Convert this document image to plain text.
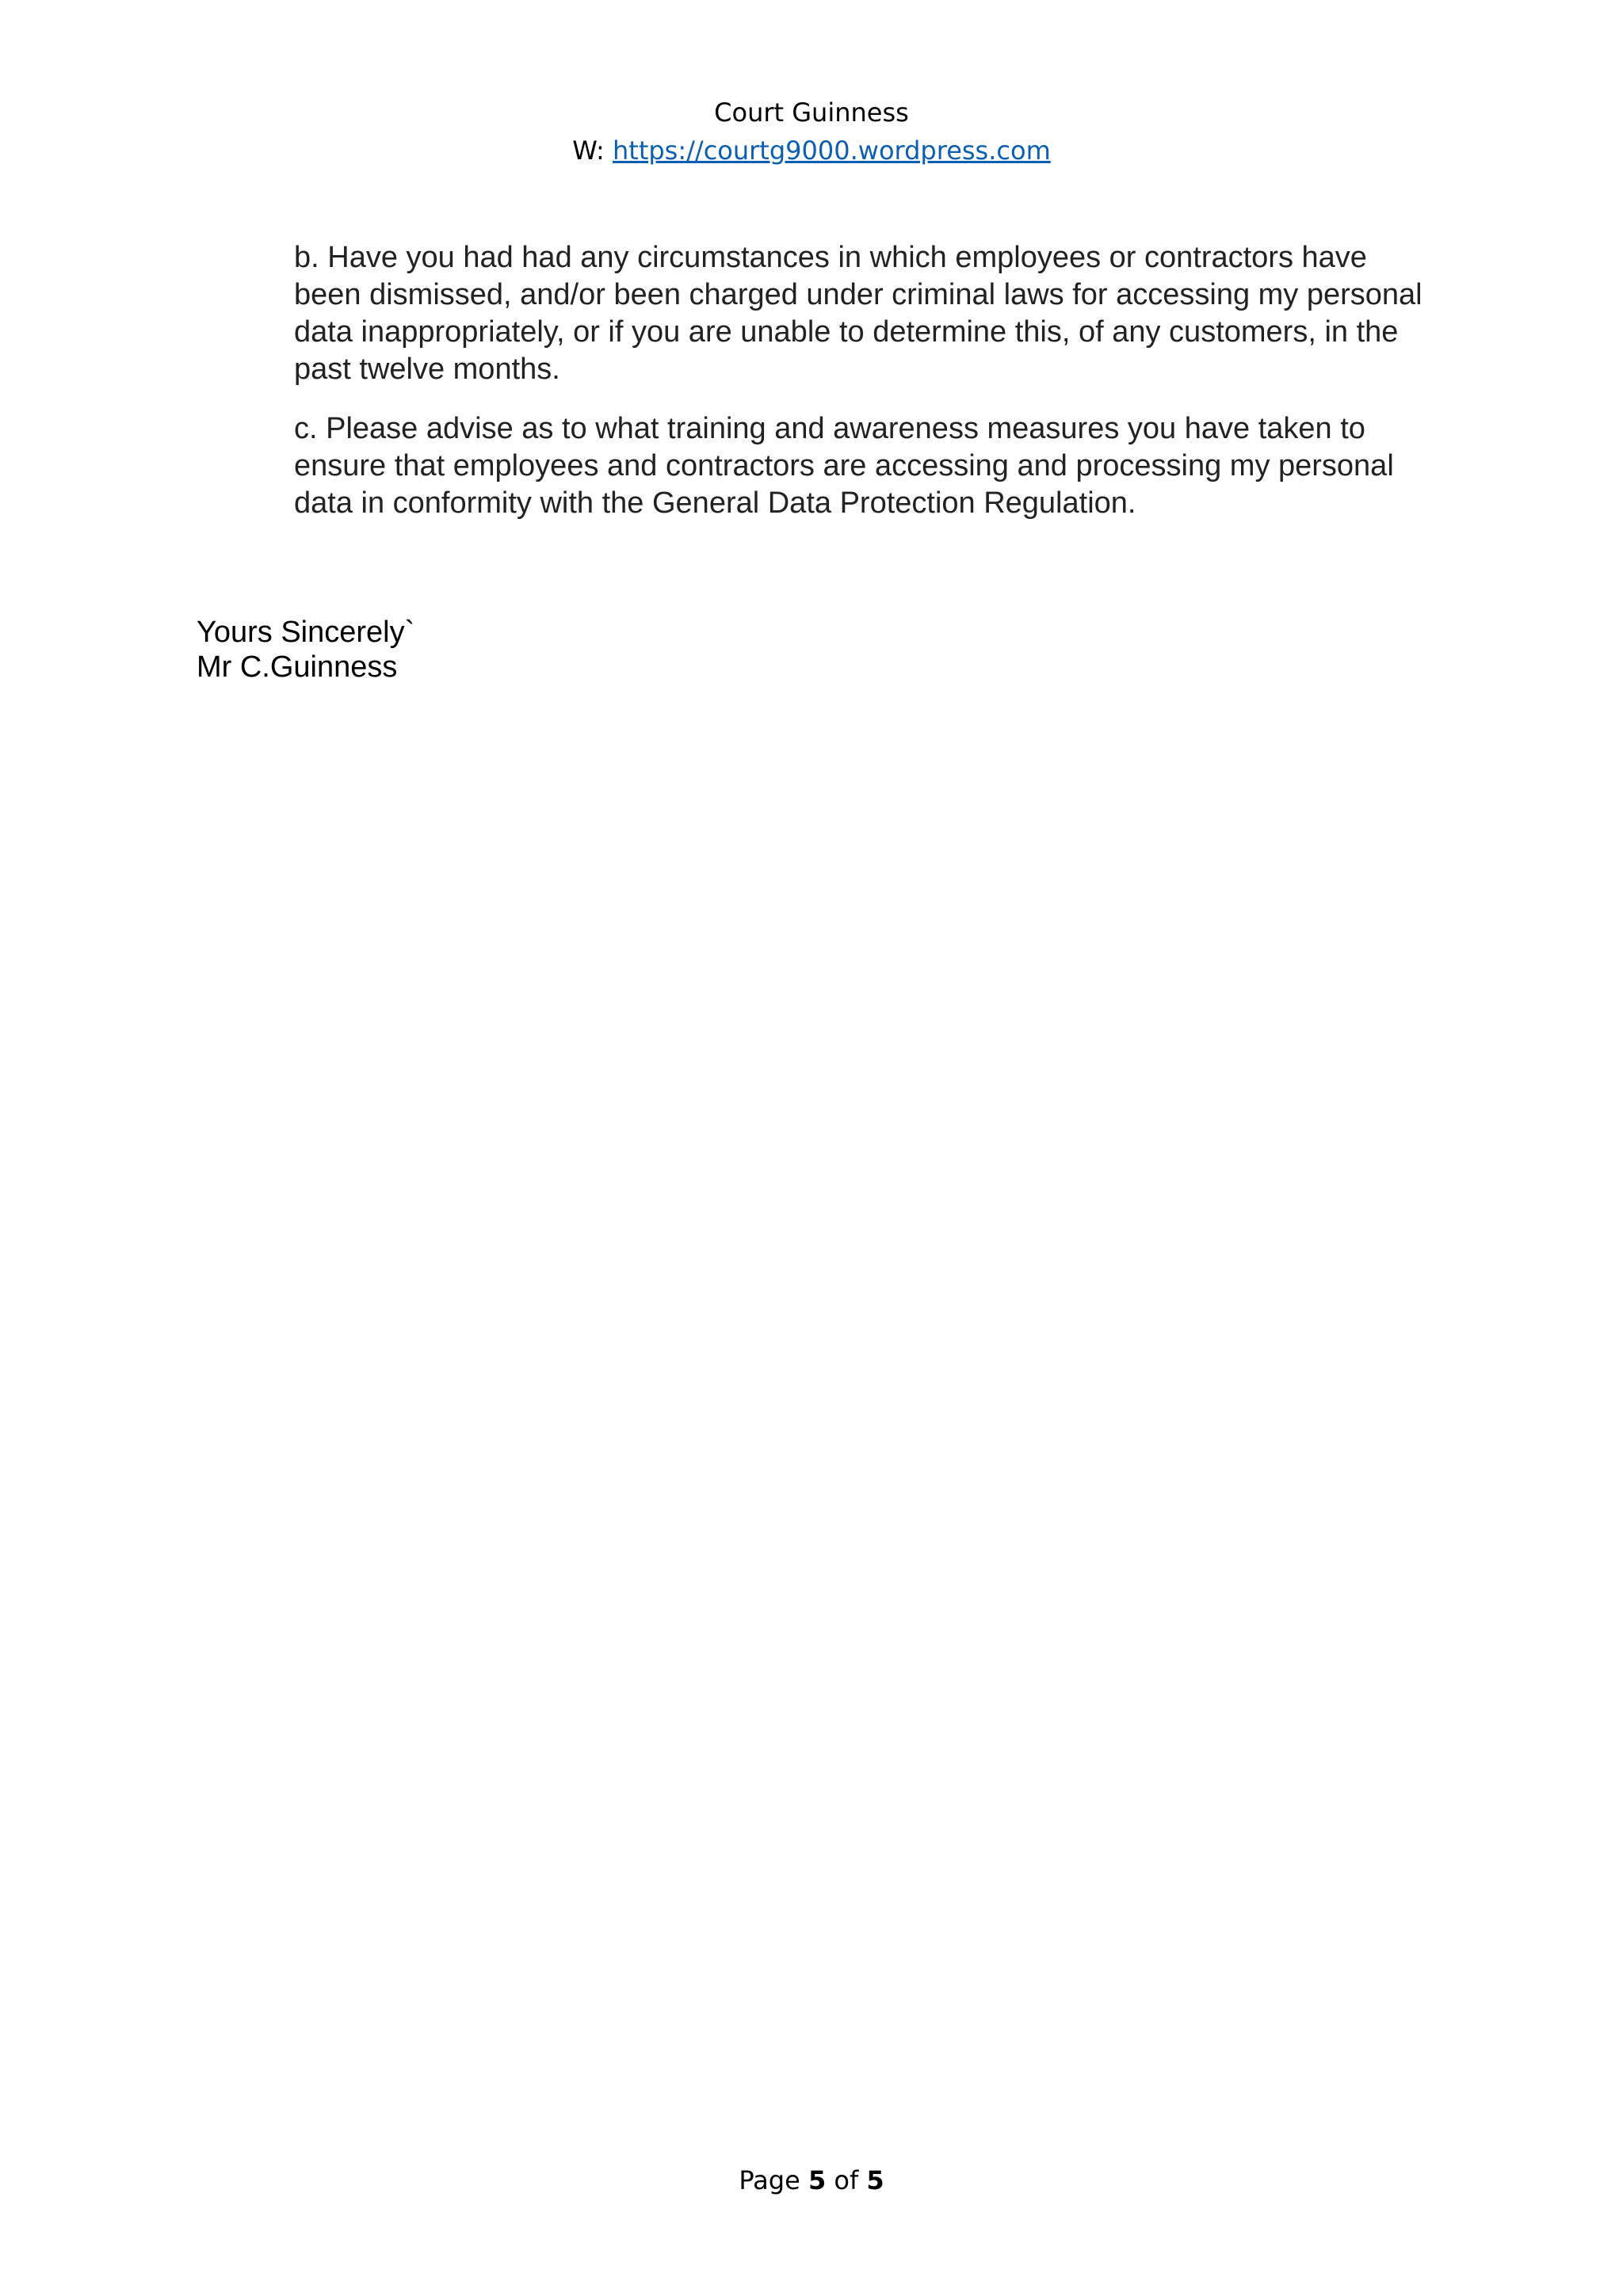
Court Guinness
W: https://courtg9000.wordpress.com

b. Have you had had any circumstances in which employees or contractors have been dismissed, and/or been charged under criminal laws for accessing my personal data inappropriately, or if you are unable to determine this, of any customers, in the past twelve months.

c. Please advise as to what training and awareness measures you have taken to ensure that employees and contractors are accessing and processing my personal data in conformity with the General Data Protection Regulation.

Yours Sincerely`
Mr C.Guinness
Page 5 of 5
